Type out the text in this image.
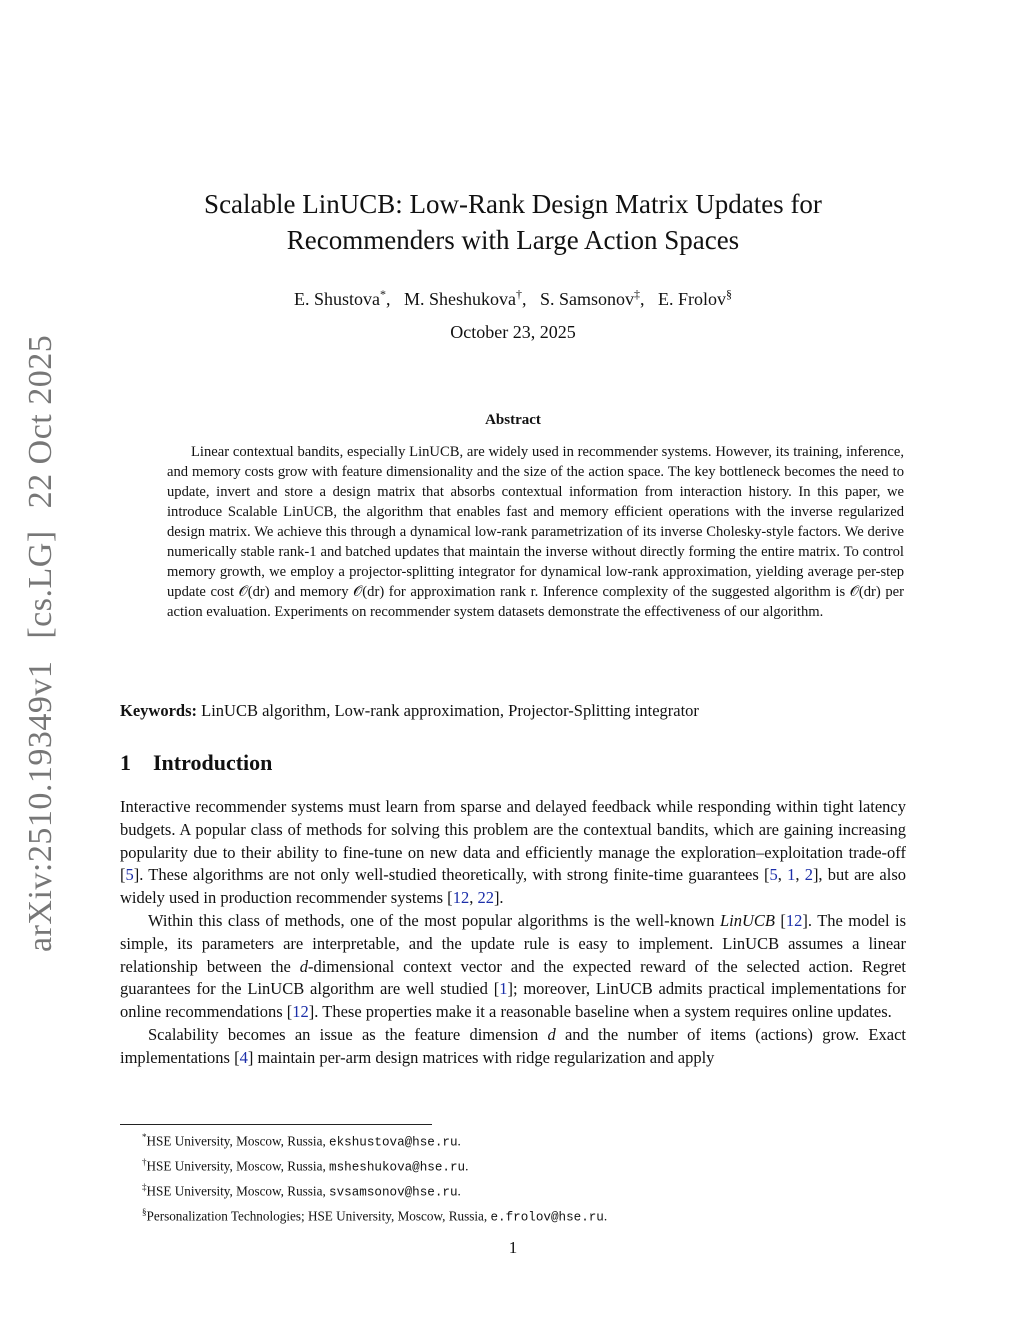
arXiv:2510.19349v1[cs.LG]22 Oct 2025
Scalable LinUCB: Low-Rank Design Matrix Updates for
Recommenders with Large Action Spaces
E. Shustova*,   M. Sheshukova†,   S. Samsonov‡,   E. Frolov§
October 23, 2025
Abstract

Linear contextual bandits, especially LinUCB, are widely used in recommender systems. However, its training, inference, and memory costs grow with feature dimensionality and the size of the action space. The key bottleneck becomes the need to update, invert and store a design matrix that absorbs contextual information from interaction history. In this paper, we introduce Scalable LinUCB, the algorithm that enables fast and memory efficient operations with the inverse regularized design matrix. We achieve this through a dynamical low-rank parametrization of its inverse Cholesky-style factors. We derive numerically stable rank-1 and batched updates that maintain the inverse without directly forming the entire matrix. To control memory growth, we employ a projector-splitting integrator for dynamical low-rank approximation, yielding average per-step update cost 𝒪(dr) and memory 𝒪(dr) for approximation rank r. Inference complexity of the suggested algorithm is 𝒪(dr) per action evaluation. Experiments on recommender system datasets demonstrate the effectiveness of our algorithm.

Keywords: LinUCB algorithm, Low-rank approximation, Projector-Splitting integrator
1 Introduction

Interactive recommender systems must learn from sparse and delayed feedback while responding within tight latency budgets. A popular class of methods for solving this problem are the contextual bandits, which are gaining increasing popularity due to their ability to fine-tune on new data and efficiently manage the exploration–exploitation trade-off [5]. These algorithms are not only well-studied theoretically, with strong finite-time guarantees [5, 1, 2], but are also widely used in production recommender systems [12, 22].

Within this class of methods, one of the most popular algorithms is the well-known LinUCB [12]. The model is simple, its parameters are interpretable, and the update rule is easy to implement. LinUCB assumes a linear relationship between the d-dimensional context vector and the expected reward of the selected action. Regret guarantees for the LinUCB algorithm are well studied [1]; moreover, LinUCB admits practical implementations for online recommendations [12]. These properties make it a reasonable baseline when a system requires online updates.

Scalability becomes an issue as the feature dimension d and the number of items (actions) grow. Exact implementations [4] maintain per-arm design matrices with ridge regularization and apply

*HSE University, Moscow, Russia, ekshustova@hse.ru.
†HSE University, Moscow, Russia, msheshukova@hse.ru.
‡HSE University, Moscow, Russia, svsamsonov@hse.ru.
§Personalization Technologies; HSE University, Moscow, Russia, e.frolov@hse.ru.
1
